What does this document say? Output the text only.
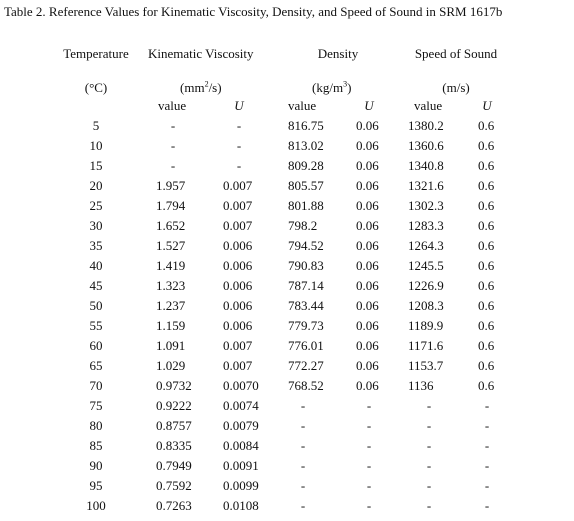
Table 2. Reference Values for Kinematic Viscosity, Density, and Speed of Sound in SRM 1617b
Temperature	Kinematic Viscosity	Density	Speed of Sound
(°C)	$(mm^2/s)$	$(kg/m^3)$	(m/s)
value	U	value	U	value	U
5	-	-	816.75	0.06	1380.2	0.6
10	-	-	813.02	0.06	1360.6	0.6
15	-	-	809.28	0.06	1340.8	0.6
20	1.957	0.007	805.57	0.06	1321.6	0.6
25	1.794	0.007	801.88	0.06	1302.3	0.6
30	1.652	0.007	798.2	0.06	1283.3	0.6
35	1.527	0.006	794.52	0.06	1264.3	0.6
40	1.419	0.006	790.83	0.06	1245.5	0.6
45	1.323	0.006	787.14	0.06	1226.9	0.6
50	1.237	0.006	783.44	0.06	1208.3	0.6
55	1.159	0.006	779.73	0.06	1189.9	0.6
60	1.091	0.007	776.01	0.06	1171.6	0.6
65	1.029	0.007	772.27	0.06	1153.7	0.6
70	0.9732	0.0070	768.52	0.06	1136	0.6
75	0.9222	0.0074	-	-	-	-
80	0.8757	0.0079	-	-	-	-
85	0.8335	0.0084	-	-	-	-
90	0.7949	0.0091	-	-	-	-
95	0.7592	0.0099	-	-	-	-
100	0.7263	0.0108	-	-	-	-
